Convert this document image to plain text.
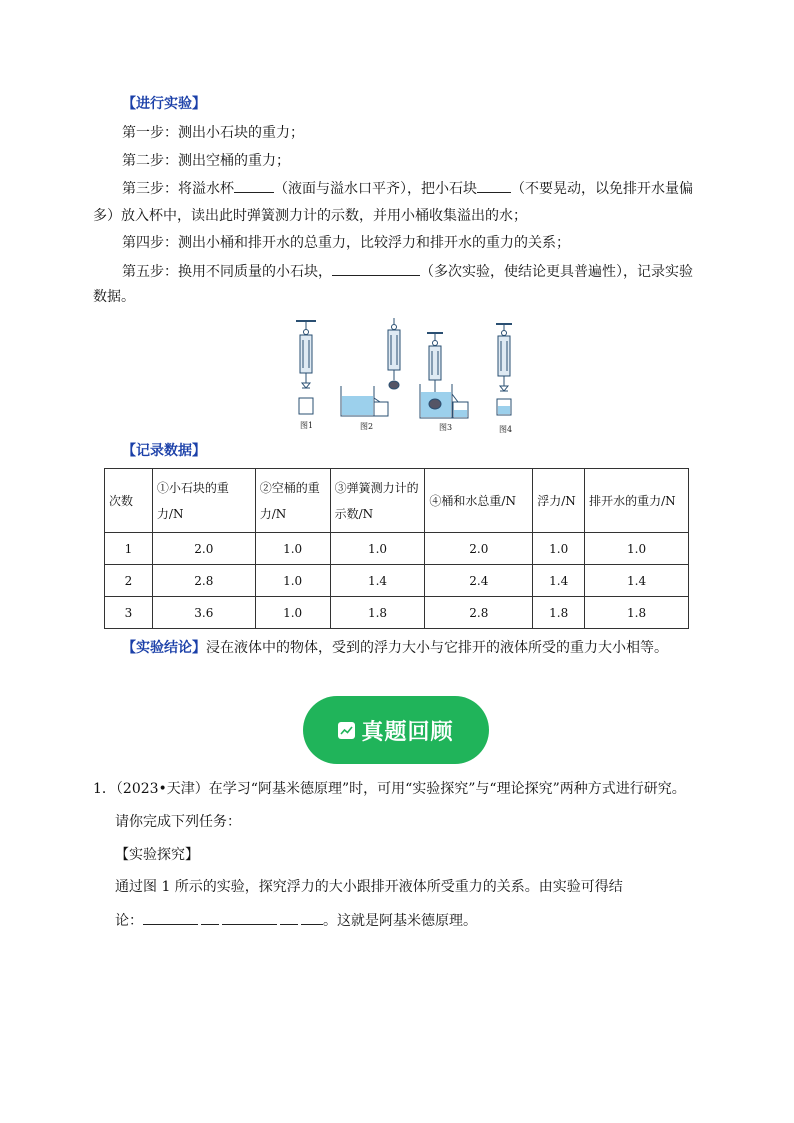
【进行实验】
第一步：测出小石块的重力；
第二步：测出空桶的重力；
第三步：将溢水杯	（液面与溢水口平齐），把小石块 （不要晃动，以免排开水量偏
多）放入杯中，读出此时弹簧测力计的示数，并用小桶收集溢出的水；
第四步：测出小桶和排开水的总重力，比较浮力和排开水的重力的关系；
第五步：换用不同质量的小石块，	（多次实验，使结论更具普遍性），记录实验
数据。
图1	图2	图3	图4
【记录数据】
次数	①小石块的重力/N	②空桶的重力/N	③弹簧测力计的示数/N	④桶和水总重/N	浮力/N	排开水的重力/N
1	2.0	1.0	1.0	2.0	1.0	1.0
2	2.8	1.0	1.4	2.4	1.4	1.4
3	3.6	1.0	1.8	2.8	1.8	1.8
【实验结论】浸在液体中的物体，受到的浮力大小与它排开的液体所受的重力大小相等。
真题回顾
1．（2023•天津）在学习“阿基米德原理”时，可用“实验探究”与“理论探究”两种方式进行研究。
请你完成下列任务：
【实验探究】
通过图 1 所示的实验，探究浮力的大小跟排开液体所受重力的关系。由实验可得结
论：	。这就是阿基米德原理。
